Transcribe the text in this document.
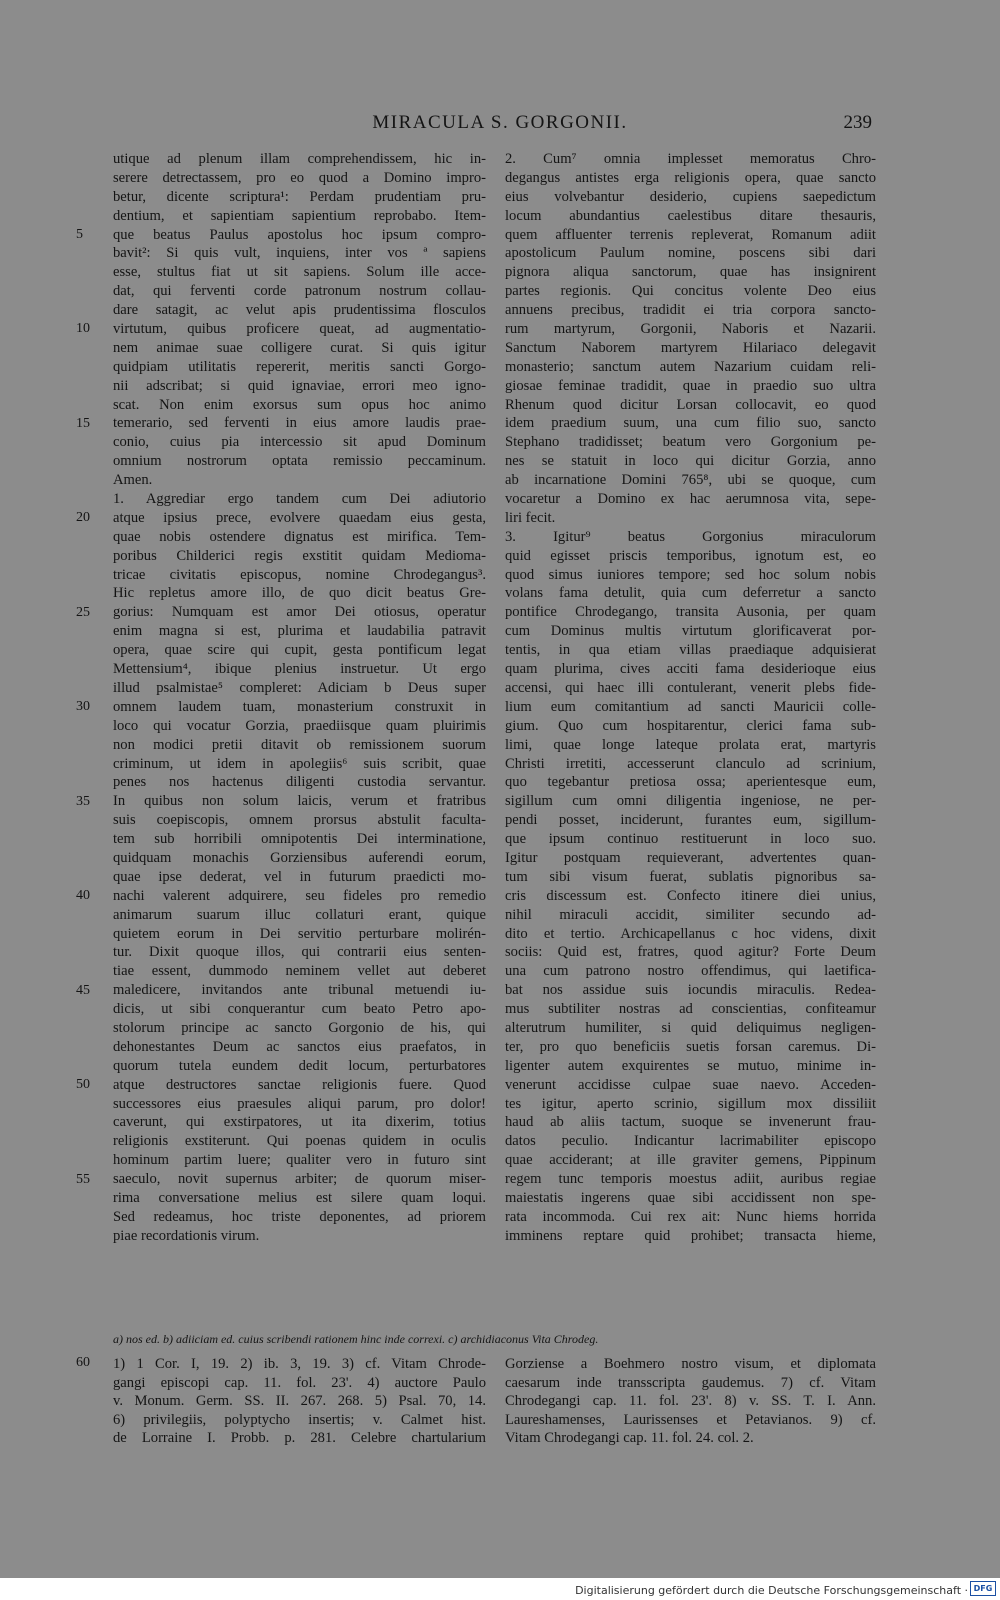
MIRACULA S. GORGONII.	239
utique ad plenum illam comprehendissem, hic in-
serere detrectassem, pro eo quod a Domino impro-
betur, dicente scriptura¹: Perdam prudentiam pru-
dentium, et sapientiam sapientium reprobabo. Item-
que beatus Paulus apostolus hoc ipsum compro-
5
bavit²: Si quis vult, inquiens, inter vos ª sapiens
esse, stultus fiat ut sit sapiens. Solum ille acce-
dat, qui ferventi corde patronum nostrum collau-
dare satagit, ac velut apis prudentissima flosculos
virtutum, quibus proficere queat, ad augmentatio-
10
nem animae suae colligere curat. Si quis igitur
quidpiam utilitatis repererit, meritis sancti Gorgo-
nii adscribat; si quid ignaviae, errori meo igno-
scat. Non enim exorsus sum opus hoc animo
temerario, sed ferventi in eius amore laudis prae-
15
conio, cuius pia intercessio sit apud Dominum
omnium nostrorum optata remissio peccaminum.
Amen.
1. Aggrediar ergo tandem cum Dei adiutorio
atque ipsius prece, evolvere quaedam eius gesta,
20
quae nobis ostendere dignatus est mirifica. Tem-
poribus Childerici regis exstitit quidam Medioma-
tricae civitatis episcopus, nomine Chrodegangus³.
Hic repletus amore illo, de quo dicit beatus Gre-
gorius: Numquam est amor Dei otiosus, operatur
25
enim magna si est, plurima et laudabilia patravit
opera, quae scire qui cupit, gesta pontificum legat
Mettensium⁴, ibique plenius instruetur. Ut ergo
illud psalmistae⁵ compleret: Adiciam b Deus super
omnem laudem tuam, monasterium construxit in
30
loco qui vocatur Gorzia, praediisque quam pluirimis
non modici pretii ditavit ob remissionem suorum
criminum, ut idem in apolegiis⁶ suis scribit, quae
penes nos hactenus diligenti custodia servantur.
In quibus non solum laicis, verum et fratribus
35
suis coepiscopis, omnem prorsus abstulit faculta-
tem sub horribili omnipotentis Dei interminatione,
quidquam monachis Gorziensibus auferendi eorum,
quae ipse dederat, vel in futurum praedicti mo-
nachi valerent adquirere, seu fideles pro remedio
40
animarum suarum illuc collaturi erant, quique
quietem eorum in Dei servitio perturbare molirén-
tur. Dixit quoque illos, qui contrarii eius senten-
tiae essent, dummodo neminem vellet aut deberet
maledicere, invitandos ante tribunal metuendi iu-
45
dicis, ut sibi conquerantur cum beato Petro apo-
stolorum principe ac sancto Gorgonio de his, qui
dehonestantes Deum ac sanctos eius praefatos, in
quorum tutela eundem dedit locum, perturbatores
atque destructores sanctae religionis fuere. Quod
50
successores eius praesules aliqui parum, pro dolor!
caverunt, qui exstirpatores, ut ita dixerim, totius
religionis exstiterunt. Qui poenas quidem in oculis
hominum partim luere; qualiter vero in futuro sint
saeculo, novit supernus arbiter; de quorum miser-
55
rima conversatione melius est silere quam loqui.
Sed redeamus, hoc triste deponentes, ad priorem
piae recordationis virum.
2. Cum⁷ omnia implesset memoratus Chro-
degangus antistes erga religionis opera, quae sancto
eius volvebantur desiderio, cupiens saepedictum
locum abundantius caelestibus ditare thesauris,
quem affluenter terrenis repleverat, Romanum adiit
apostolicum Paulum nomine, poscens sibi dari
pignora aliqua sanctorum, quae has insignirent
partes regionis. Qui concitus volente Deo eius
annuens precibus, tradidit ei tria corpora sancto-
rum martyrum, Gorgonii, Naboris et Nazarii.
Sanctum Naborem martyrem Hilariaco delegavit
monasterio; sanctum autem Nazarium cuidam reli-
giosae feminae tradidit, quae in praedio suo ultra
Rhenum quod dicitur Lorsan collocavit, eo quod
idem praedium suum, una cum filio suo, sancto
Stephano tradidisset; beatum vero Gorgonium pe-
nes se statuit in loco qui dicitur Gorzia, anno
ab incarnatione Domini 765⁸, ubi se quoque, cum
vocaretur a Domino ex hac aerumnosa vita, sepe-
liri fecit.
3. Igitur⁹ beatus Gorgonius miraculorum
quid egisset priscis temporibus, ignotum est, eo
quod simus iuniores tempore; sed hoc solum nobis
volans fama detulit, quia cum deferretur a sancto
pontifice Chrodegango, transita Ausonia, per quam
cum Dominus multis virtutum glorificaverat por-
tentis, in qua etiam villas praediaque adquisierat
quam plurima, cives acciti fama desiderioque eius
accensi, qui haec illi contulerant, venerit plebs fide-
lium eum comitantium ad sancti Mauricii colle-
gium. Quo cum hospitarentur, clerici fama sub-
limi, quae longe lateque prolata erat, martyris
Christi irretiti, accesserunt clanculo ad scrinium,
quo tegebantur pretiosa ossa; aperientesque eum,
sigillum cum omni diligentia ingeniose, ne per-
pendi posset, inciderunt, furantes eum, sigillum-
que ipsum continuo restituerunt in loco suo.
Igitur postquam requieverant, advertentes quan-
tum sibi visum fuerat, sublatis pignoribus sa-
cris discessum est. Confecto itinere diei unius,
nihil miraculi accidit, similiter secundo ad-
dito et tertio. Archicapellanus c hoc videns, dixit
sociis: Quid est, fratres, quod agitur? Forte Deum
una cum patrono nostro offendimus, qui laetifica-
bat nos assidue suis iocundis miraculis. Redea-
mus subtiliter nostras ad conscientias, confiteamur
alterutrum humiliter, si quid deliquimus negligen-
ter, pro quo beneficiis suetis forsan caremus. Di-
ligenter autem exquirentes se mutuo, minime in-
venerunt accidisse culpae suae naevo. Acceden-
tes igitur, aperto scrinio, sigillum mox dissiliit
haud ab aliis tactum, suoque se invenerunt frau-
datos peculio. Indicantur lacrimabiliter episcopo
quae acciderant; at ille graviter gemens, Pippinum
regem tunc temporis moestus adiit, auribus regiae
maiestatis ingerens quae sibi accidissent non spe-
rata incommoda. Cui rex ait: Nunc hiems horrida
imminens reptare quid prohibet; transacta hieme,
a) nos ed. b) adiiciam ed. cuius scribendi rationem hinc inde correxi. c) archidiaconus Vita Chrodeg.
60 1) 1 Cor. I, 19. 2) ib. 3, 19. 3) cf. Vitam Chrode-
gangi episcopi cap. 11. fol. 23'. 4) auctore Paulo
v. Monum. Germ. SS. II. 267. 268. 5) Psal. 70, 14.
6) privilegiis, polyptycho insertis; v. Calmet hist.
de Lorraine I. Probb. p. 281. Celebre chartularium
Gorziense a Boehmero nostro visum, et diplomata
caesarum inde transscripta gaudemus. 7) cf. Vitam
Chrodegangi cap. 11. fol. 23'. 8) v. SS. T. I. Ann.
Laureshamenses, Laurissenses et Petavianos. 9) cf.
Vitam Chrodegangi cap. 11. fol. 24. col. 2.
Digitalisierung gefördert durch die Deutsche Forschungsgemeinschaft · DFG
